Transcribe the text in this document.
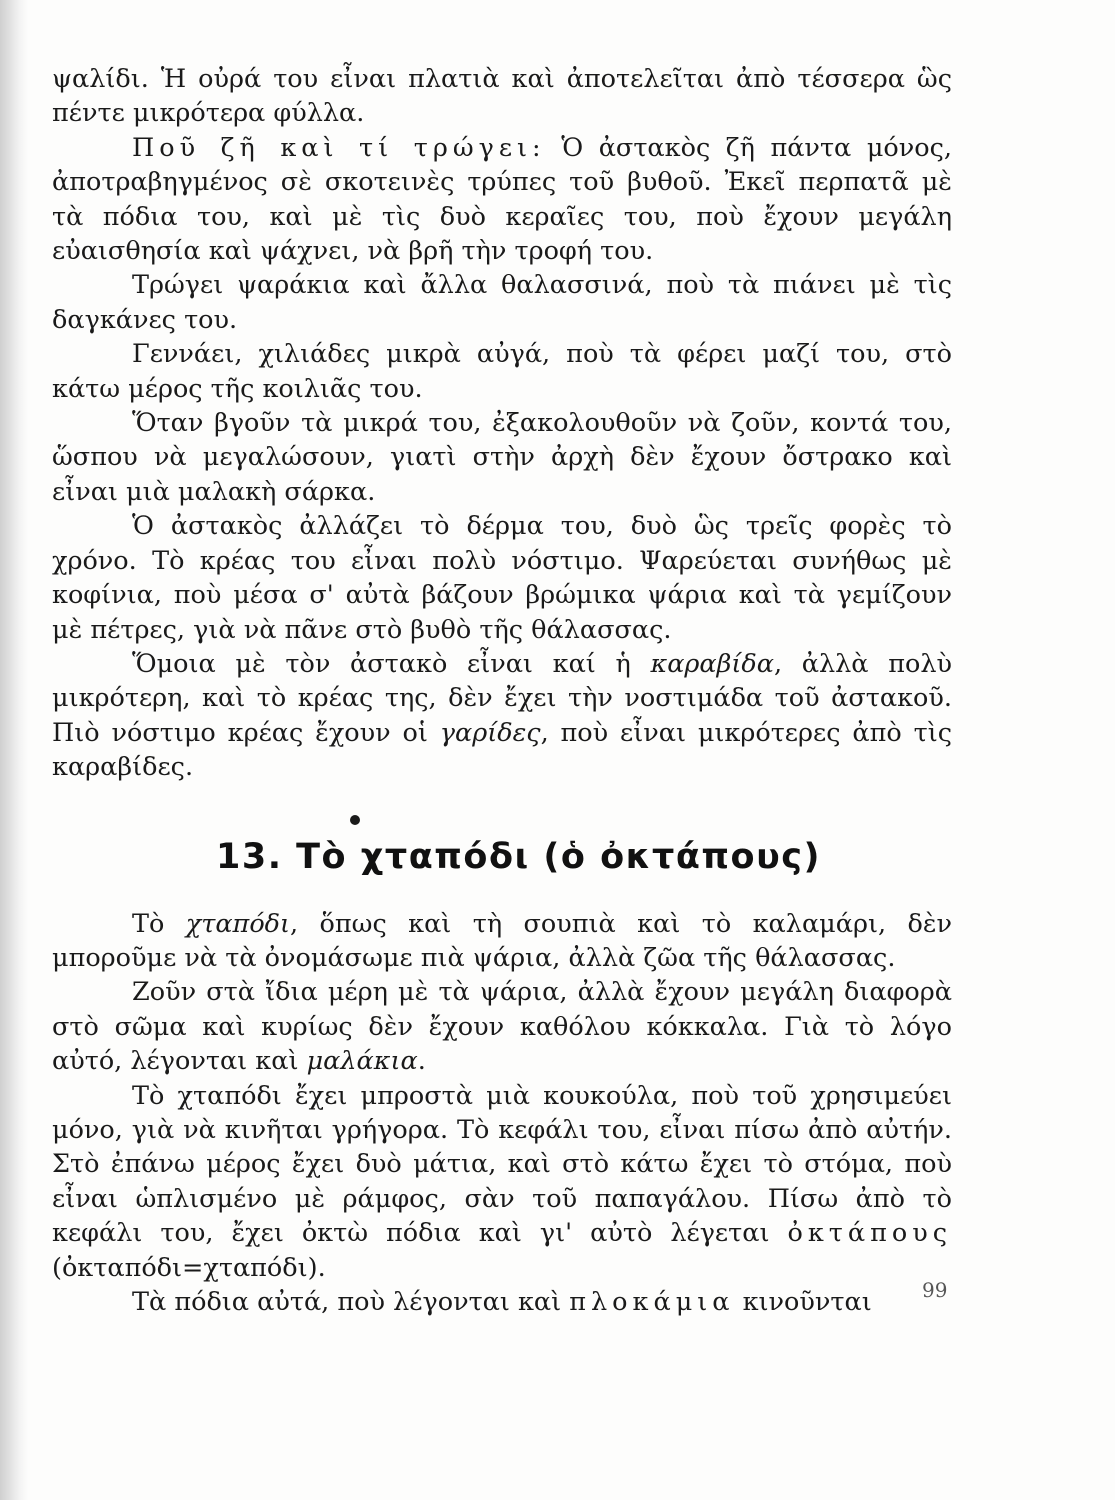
ψαλίδι. Ἡ οὐρά του εἶναι πλατιὰ καὶ ἀποτελεῖται ἀπὸ τέσσερα ὣς πέντε μικρότερα φύλλα.

Ποῦ ζῆ καὶ τί τρώγει: Ὁ ἀστακὸς ζῆ πάντα μόνος, ἀποτραβηγμένος σὲ σκοτεινὲς τρύπες τοῦ βυθοῦ. Ἐκεῖ περπατᾶ μὲ τὰ πόδια του, καὶ μὲ τὶς δυὸ κεραῖες του, ποὺ ἔχουν μεγάλη εὐαισθησία καὶ ψάχνει, νὰ βρῆ τὴν τροφή του.

Τρώγει ψαράκια καὶ ἄλλα θαλασσινά, ποὺ τὰ πιάνει μὲ τὶς δαγκάνες του.

Γεννάει, χιλιάδες μικρὰ αὐγά, ποὺ τὰ φέρει μαζί του, στὸ κάτω μέρος τῆς κοιλιᾶς του.

Ὅταν βγοῦν τὰ μικρά του, ἐξακολουθοῦν νὰ ζοῦν, κοντά του, ὥσπου νὰ μεγαλώσουν, γιατὶ στὴν ἀρχὴ δὲν ἔχουν ὄστρακο καὶ εἶναι μιὰ μαλακὴ σάρκα.

Ὁ ἀστακὸς ἀλλάζει τὸ δέρμα του, δυὸ ὣς τρεῖς φορὲς τὸ χρόνο. Τὸ κρέας του εἶναι πολὺ νόστιμο. Ψαρεύεται συνήθως μὲ κοφίνια, ποὺ μέσα σ' αὐτὰ βάζουν βρώμικα ψάρια καὶ τὰ γεμίζουν μὲ πέτρες, γιὰ νὰ πᾶνε στὸ βυθὸ τῆς θάλασσας.

Ὅμοια μὲ τὸν ἀστακὸ εἶναι καί ἡ καραβίδα, ἀλλὰ πολὺ μικρότερη, καὶ τὸ κρέας της, δὲν ἔχει τὴν νοστιμάδα τοῦ ἀστακοῦ. Πιὸ νόστιμο κρέας ἔχουν οἱ γαρίδες, ποὺ εἶναι μικρότερες ἀπὸ τὶς καραβίδες.

13. Τὸ χταπόδι (ὁ ὀκτάπους)

Τὸ χταπόδι, ὅπως καὶ τὴ σουπιὰ καὶ τὸ καλαμάρι, δὲν μποροῦμε νὰ τὰ ὀνομάσωμε πιὰ ψάρια, ἀλλὰ ζῶα τῆς θάλασσας.

Ζοῦν στὰ ἴδια μέρη μὲ τὰ ψάρια, ἀλλὰ ἔχουν μεγάλη διαφορὰ στὸ σῶμα καὶ κυρίως δὲν ἔχουν καθόλου κόκκαλα. Γιὰ τὸ λόγο αὐτό, λέγονται καὶ μαλάκια.

Τὸ χταπόδι ἔχει μπροστὰ μιὰ κουκούλα, ποὺ τοῦ χρησιμεύει μόνο, γιὰ νὰ κινῆται γρήγορα. Τὸ κεφάλι του, εἶναι πίσω ἀπὸ αὐτήν. Στὸ ἐπάνω μέρος ἔχει δυὸ μάτια, καὶ στὸ κάτω ἔχει τὸ στόμα, ποὺ εἶναι ὡπλισμένο μὲ ράμφος, σὰν τοῦ παπαγάλου. Πίσω ἀπὸ τὸ κεφάλι του, ἔχει ὀκτὼ πόδια καὶ γι' αὐτὸ λέγεται ὀκτάπους (ὀκταπόδι=χταπόδι).

Τὰ πόδια αὐτά, ποὺ λέγονται καὶ πλοκάμια κινοῦνται	99
